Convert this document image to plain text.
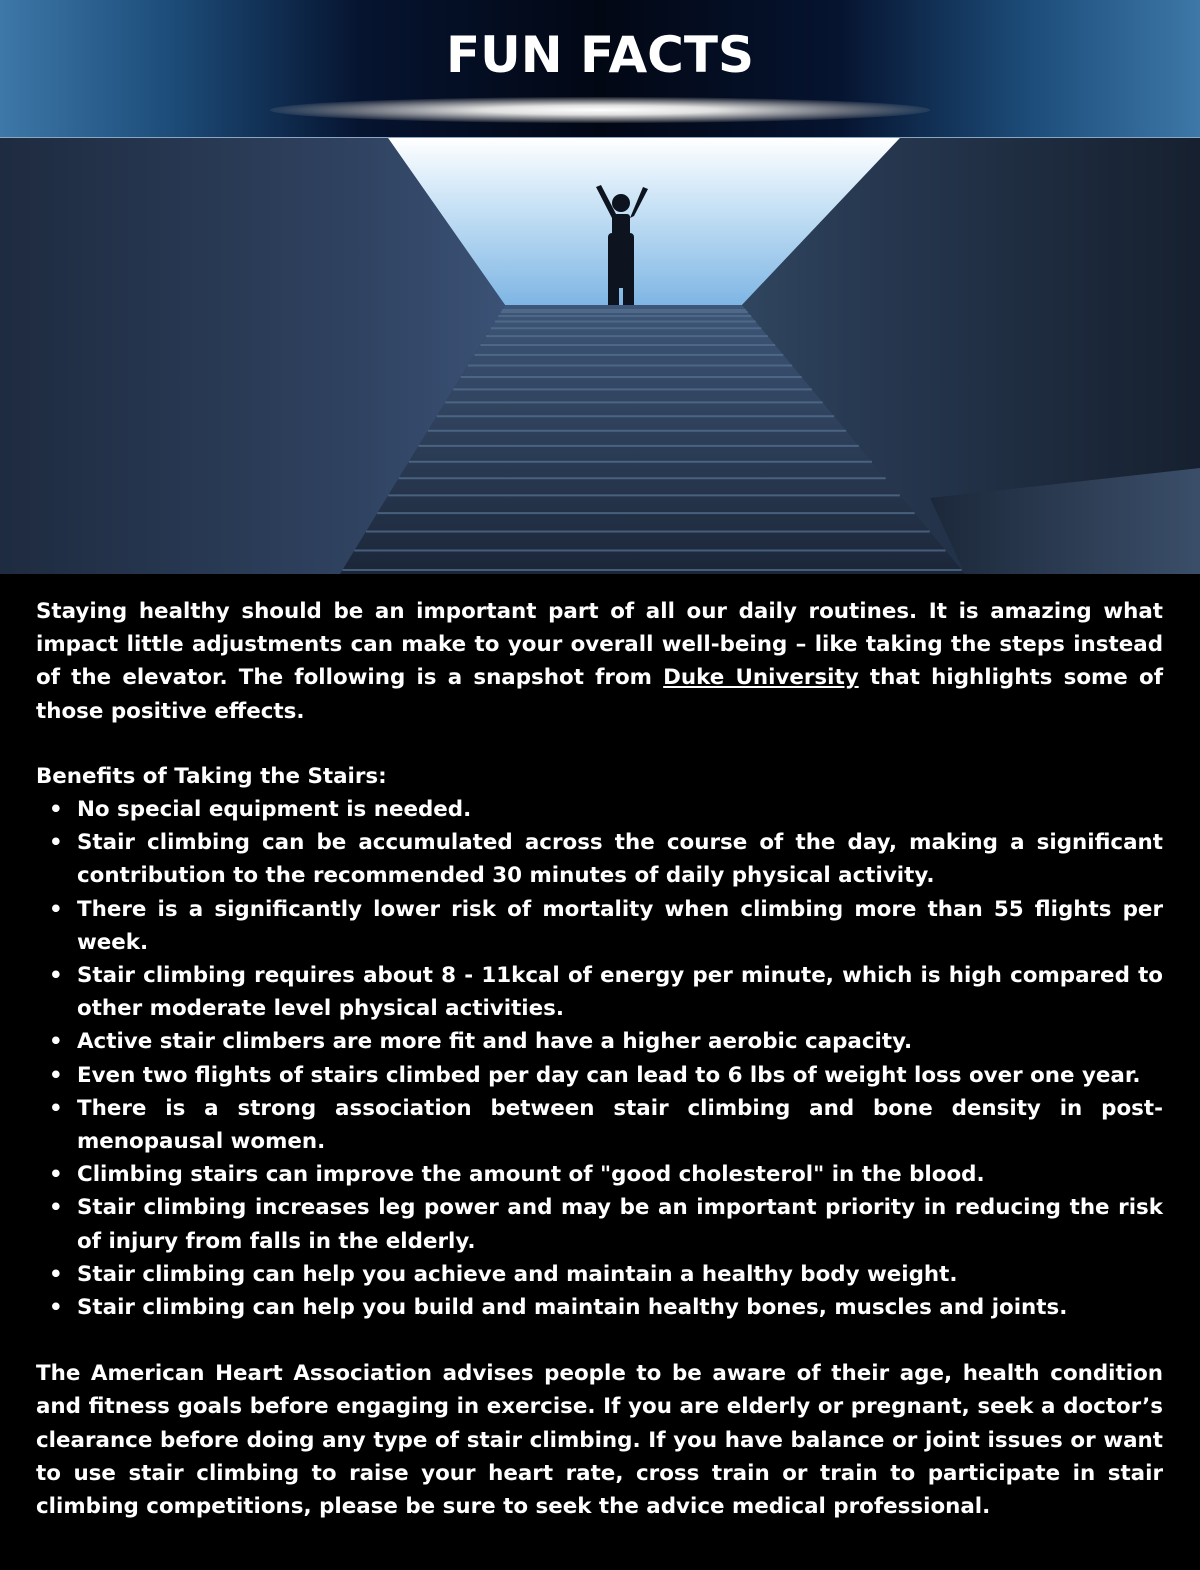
FUN FACTS

Staying healthy should be an important part of all our daily routines. It is amazing what impact little adjustments can make to your overall well-being – like taking the steps instead of the elevator. The following is a snapshot from Duke University that highlights some of those positive effects.

Benefits of Taking the Stairs:
• No special equipment is needed.
• Stair climbing can be accumulated across the course of the day, making a significant contribution to the recommended 30 minutes of daily physical activity.
• There is a significantly lower risk of mortality when climbing more than 55 flights per week.
• Stair climbing requires about 8 - 11kcal of energy per minute, which is high compared to other moderate level physical activities.
• Active stair climbers are more fit and have a higher aerobic capacity.
• Even two flights of stairs climbed per day can lead to 6 lbs of weight loss over one year.
• There is a strong association between stair climbing and bone density in post-menopausal women.
• Climbing stairs can improve the amount of "good cholesterol" in the blood.
• Stair climbing increases leg power and may be an important priority in reducing the risk of injury from falls in the elderly.
• Stair climbing can help you achieve and maintain a healthy body weight.
• Stair climbing can help you build and maintain healthy bones, muscles and joints.

The American Heart Association advises people to be aware of their age, health condition and fitness goals before engaging in exercise. If you are elderly or pregnant, seek a doctor’s clearance before doing any type of stair climbing. If you have balance or joint issues or want to use stair climbing to raise your heart rate, cross train or train to participate in stair climbing competitions, please be sure to seek the advice medical professional.
